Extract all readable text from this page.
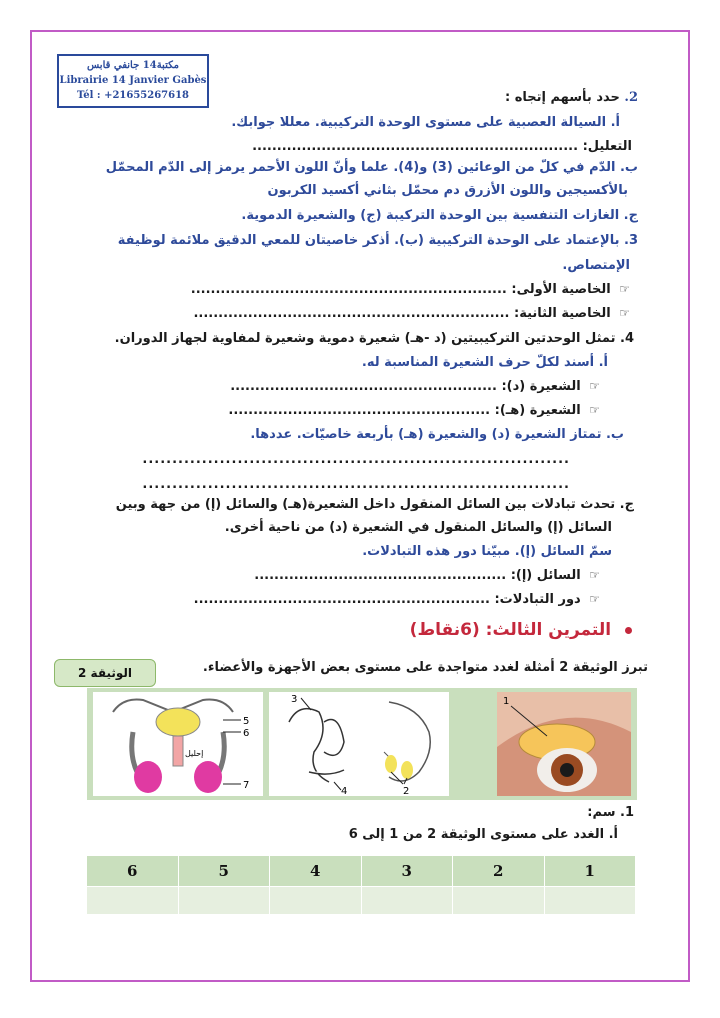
مكتبة14 جانفي قابس
Librairie 14 Janvier Gabès
Tél : +21655267618	2. حدد بأسهم إتجاه :
أ. السيالة العصبية على مستوى الوحدة التركيبية. معللا جوابك.
التعليل: ..................................................................
ب. الدّم في كلّ من الوعائين (3) و(4). علما وأنّ اللون الأحمر يرمز إلى الدّم المحمّل
بالأكسيجين واللون الأزرق دم محمّل بثاني أكسيد الكربون
ج. الغازات التنفسية بين الوحدة التركيبة (ج) والشعيرة الدموية.
3. بالإعتماد على الوحدة التركيبية (ب). أذكر خاصيتان للمعي الدقيق ملائمة لوظيفة
الإمتصاص.
☞ الخاصية الأولى: ................................................................
☞ الخاصية الثانية: ................................................................
4. تمثل الوحدتين التركيبيتين (د -هـ) شعيرة دموية وشعيرة لمفاوية لجهاز الدوران.
أ. أسند لكلّ حرف الشعيرة المناسبة له.
☞ الشعيرة (د): ......................................................
☞ الشعيرة (هـ): .....................................................
ب. تمتاز الشعيرة (د) والشعيرة (هـ) بأربعة خاصيّات. عددها.
........................................................................
........................................................................
ج. تحدث تبادلات بين السائل المنقول داخل الشعيرة(هـ) والسائل (إ) من جهة وبين
السائل (إ) والسائل المنقول في الشعيرة (د) من ناحية أخرى.
سمّ السائل (إ). مبيّنا دور هذه التبادلات.
☞ السائل (إ): ...................................................
☞ دور التبادلات: ............................................................
التمرين الثالث: (6نقاط)
الوثيقة 2	تبرز الوثيقة 2 أمثلة لغدد متواجدة على مستوى بعض الأجهزة والأعضاء.
5
6
7
إحليل
3
4	2
1
1. سم:
أ. الغدد على مستوى الوثيقة 2 من 1 إلى 6
1	2	3	4	5	6
